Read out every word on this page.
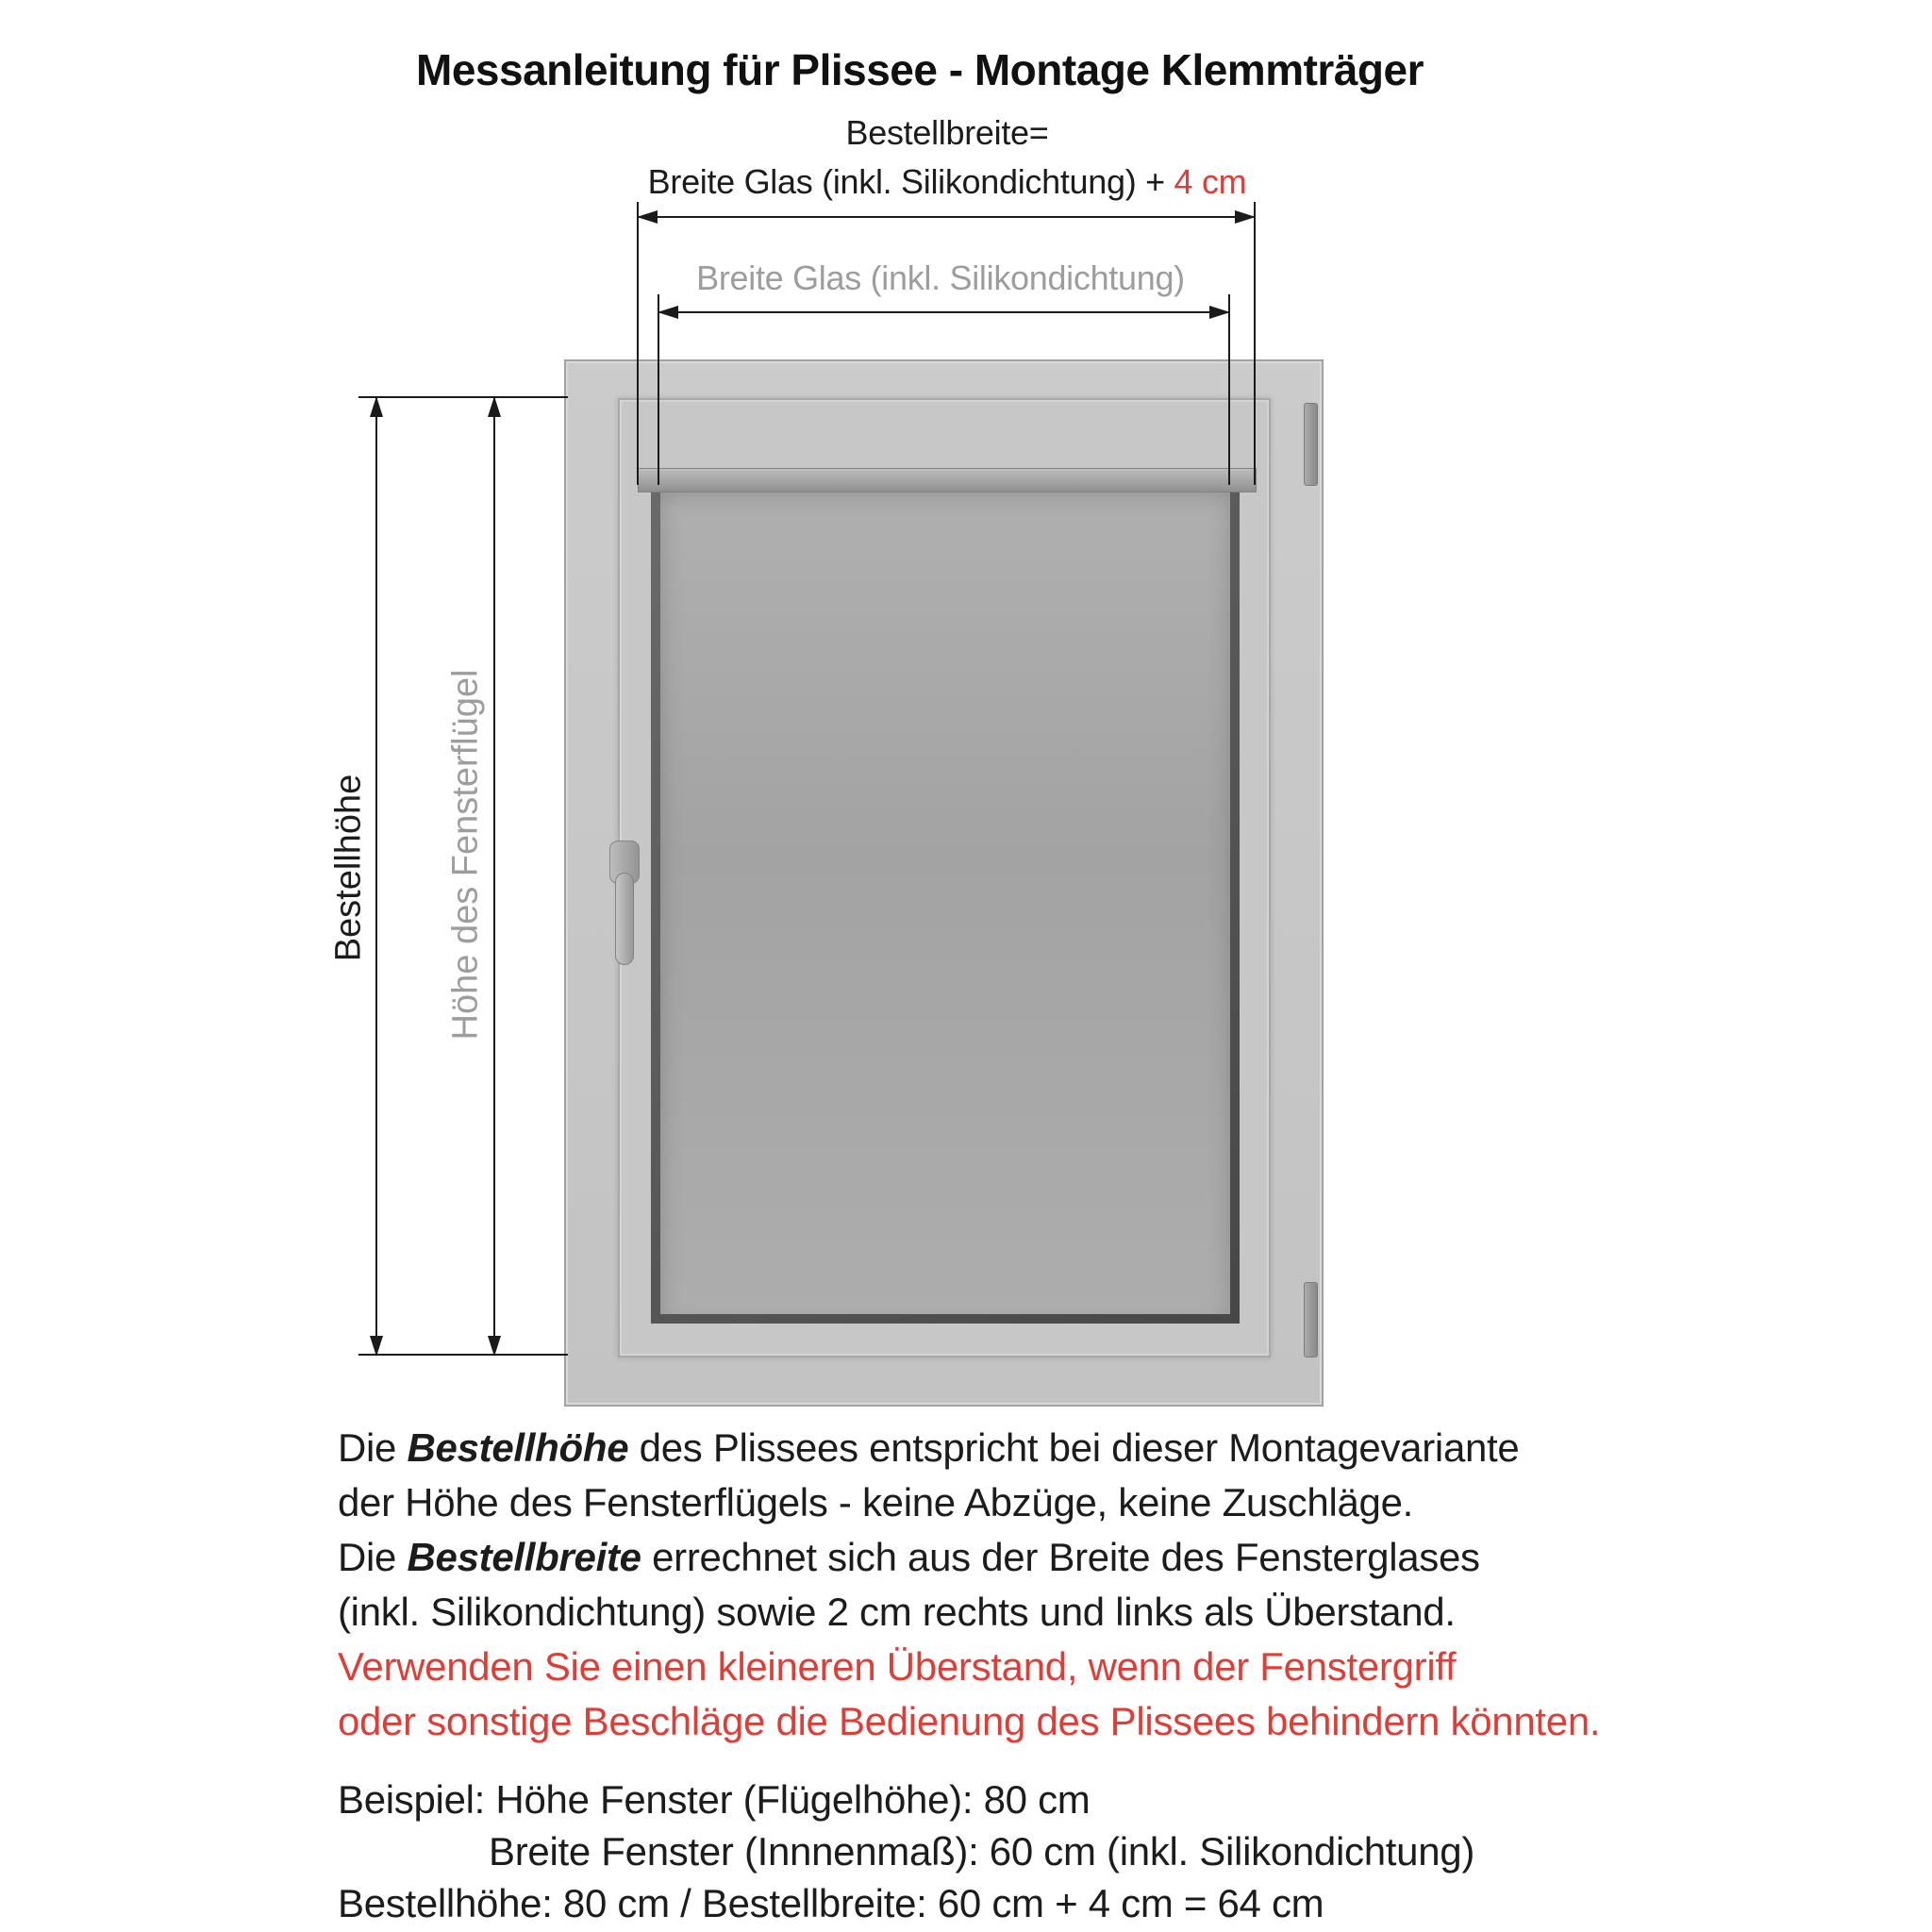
Messanleitung für Plissee - Montage Klemmträger
Bestellbreite=
Breite Glas (inkl. Silikondichtung) + 4 cm
Breite Glas (inkl. Silikondichtung)
Bestellhöhe Höhe des Fensterflügel
Die Bestellhöhe des Plissees entspricht bei dieser Montagevariante
der Höhe des Fensterflügels - keine Abzüge, keine Zuschläge.
Die Bestellbreite errechnet sich aus der Breite des Fensterglases
(inkl. Silikondichtung) sowie 2 cm rechts und links als Überstand.
Verwenden Sie einen kleineren Überstand, wenn der Fenstergriff
oder sonstige Beschläge die Bedienung des Plissees behindern könnten.
Beispiel: Höhe Fenster (Flügelhöhe): 80 cm
Breite Fenster (Innnenmaß): 60 cm (inkl. Silikondichtung)
Bestellhöhe: 80 cm / Bestellbreite: 60 cm + 4 cm = 64 cm
